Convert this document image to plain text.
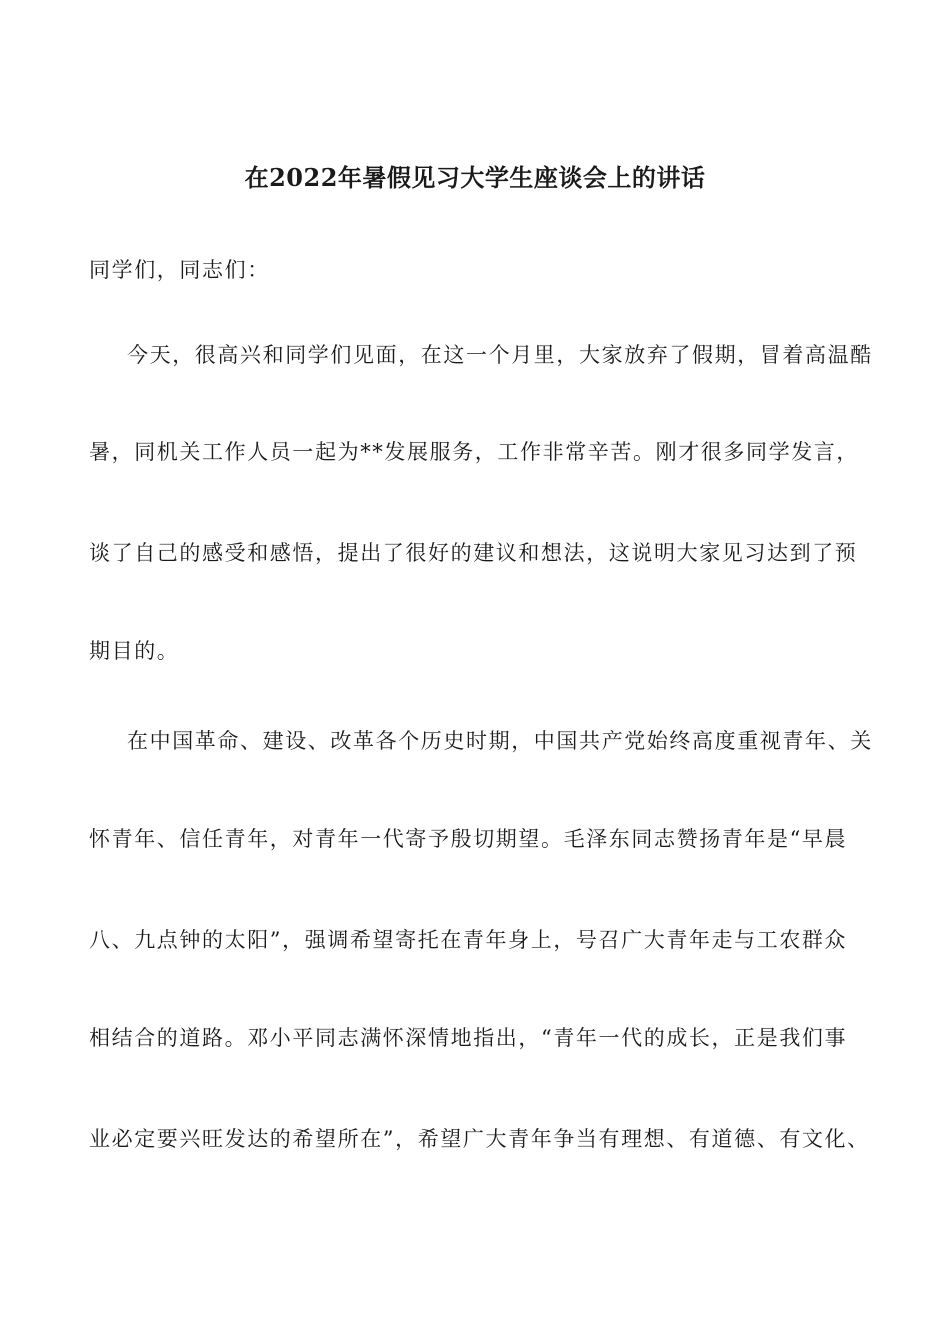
在2022年暑假见习大学生座谈会上的讲话
同学们，同志们：
今天，很高兴和同学们见面，在这一个月里，大家放弃了假期，冒着高温酷
暑，同机关工作人员一起为**发展服务，工作非常辛苦。刚才很多同学发言，
谈了自己的感受和感悟，提出了很好的建议和想法，这说明大家见习达到了预
期目的。
在中国革命、建设、改革各个历史时期，中国共产党始终高度重视青年、关
怀青年、信任青年，对青年一代寄予殷切期望。毛泽东同志赞扬青年是“早晨
八、九点钟的太阳”，强调希望寄托在青年身上，号召广大青年走与工农群众
相结合的道路。邓小平同志满怀深情地指出，“青年一代的成长，正是我们事
业必定要兴旺发达的希望所在”，希望广大青年争当有理想、有道德、有文化、
